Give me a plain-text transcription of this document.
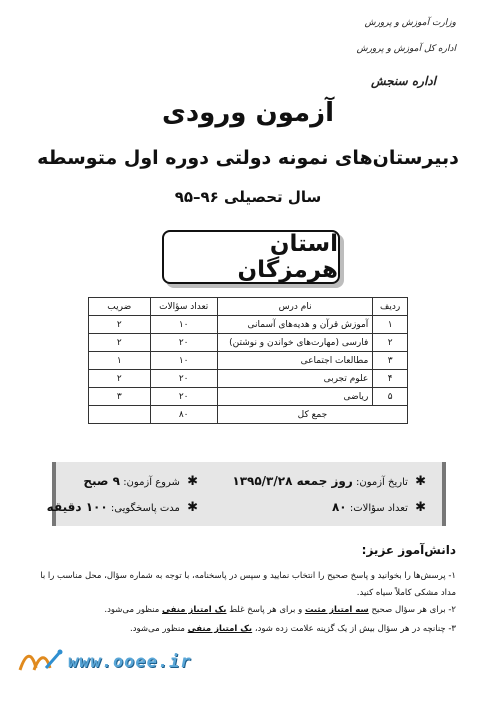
وزارت آموزش و پرورش
اداره کل آموزش و پرورش
اداره سنجش
آزمون ورودی
دبیرستان‌های نمونه دولتی دوره اول متوسطه
سال تحصیلی ۹۶–۹۵
استان هرمزگان
ردیف	نام درس	تعداد سؤالات	ضریب
۱	آموزش قرآن و هدیه‌های آسمانی	۱۰	۲
۲	فارسی (مهارت‌های خواندن و نوشتن)	۲۰	۲
۳	مطالعات اجتماعی	۱۰	۱
۴	علوم تجربی	۲۰	۲
۵	ریاضی	۲۰	۳
جمع کل		۸۰	
✱ تاریخ آزمون: روز جمعه ۱۳۹۵/۳/۲۸
✱ شروع آزمون: ۹ صبح
✱ تعداد سؤالات: ۸۰
✱ مدت پاسخگویی: ۱۰۰ دقیقه
دانش‌آموز عزیز:
۱- پرسش‌ها را بخوانید و پاسخ صحیح را انتخاب نمایید و سپس در پاسخنامه، با توجه به شماره سؤال، محل مناسب را با مداد مشکی کاملاً سیاه کنید.
۲- برای هر سؤال صحیح سه امتیاز مثبت و برای هر پاسخ غلط یک امتیاز منفی منظور می‌شود.
۳- چنانچه در هر سؤال بیش از یک گزینه علامت زده شود، یک امتیاز منفی منظور می‌شود.
www.ooee.ir
